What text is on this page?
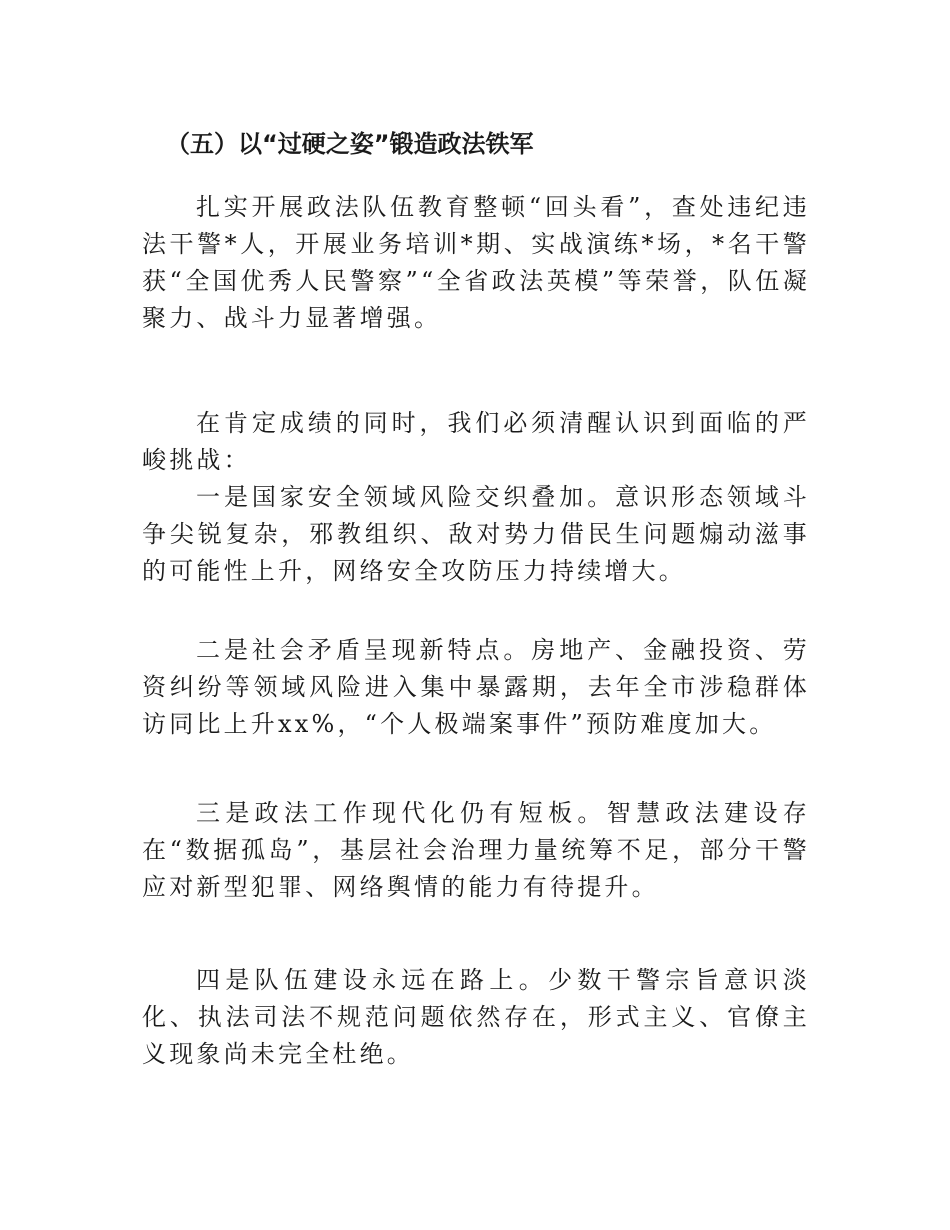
（五）以“过硬之姿”锻造政法铁军

扎实开展政法队伍教育整顿“回头看”，查处违纪违法干警*人，开展业务培训*期、实战演练*场，*名干警获“全国优秀人民警察”“全省政法英模”等荣誉，队伍凝聚力、战斗力显著增强。

在肯定成绩的同时，我们必须清醒认识到面临的严峻挑战：

一是国家安全领域风险交织叠加。意识形态领域斗争尖锐复杂，邪教组织、敌对势力借民生问题煽动滋事的可能性上升，网络安全攻防压力持续增大。

二是社会矛盾呈现新特点。房地产、金融投资、劳资纠纷等领域风险进入集中暴露期，去年全市涉稳群体访同比上升xx%，“个人极端案事件”预防难度加大。

三是政法工作现代化仍有短板。智慧政法建设存在“数据孤岛”，基层社会治理力量统筹不足，部分干警应对新型犯罪、网络舆情的能力有待提升。

四是队伍建设永远在路上。少数干警宗旨意识淡化、执法司法不规范问题依然存在，形式主义、官僚主义现象尚未完全杜绝。
